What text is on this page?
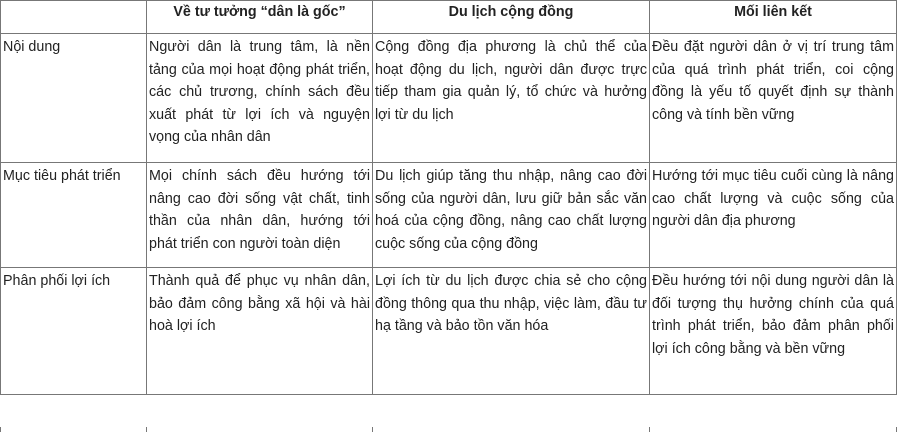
	Về tư tưởng “dân là gốc”	Du lịch cộng đồng	Mối liên kết
Nội dung	Người dân là trung tâm, là nền tảng của mọi hoạt động phát triển, các chủ trương, chính sách đều xuất phát từ lợi ích và nguyện vọng của nhân dân	Cộng đồng địa phương là chủ thể của hoạt động du lịch, người dân được trực tiếp tham gia quản lý, tổ chức và hưởng lợi từ du lịch	Đều đặt người dân ở vị trí trung tâm của quá trình phát triển, coi cộng đồng là yếu tố quyết định sự thành công và tính bền vững
Mục tiêu phát triển	Mọi chính sách đều hướng tới nâng cao đời sống vật chất, tinh thần của nhân dân, hướng tới phát triển con người toàn diện	Du lịch giúp tăng thu nhập, nâng cao đời sống của người dân, lưu giữ bản sắc văn hoá của cộng đồng, nâng cao chất lượng cuộc sống của cộng đồng	Hướng tới mục tiêu cuối cùng là nâng cao chất lượng và cuộc sống của người dân địa phương
Phân phối lợi ích	Thành quả để phục vụ nhân dân, bảo đảm công bằng xã hội và hài hoà lợi ích	Lợi ích từ du lịch được chia sẻ cho cộng đồng thông qua thu nhập, việc làm, đầu tư hạ tầng và bảo tồn văn hóa	Đều hướng tới nội dung người dân là đối tượng thụ hưởng chính của quá trình phát triển, bảo đảm phân phối lợi ích công bằng và bền vững
